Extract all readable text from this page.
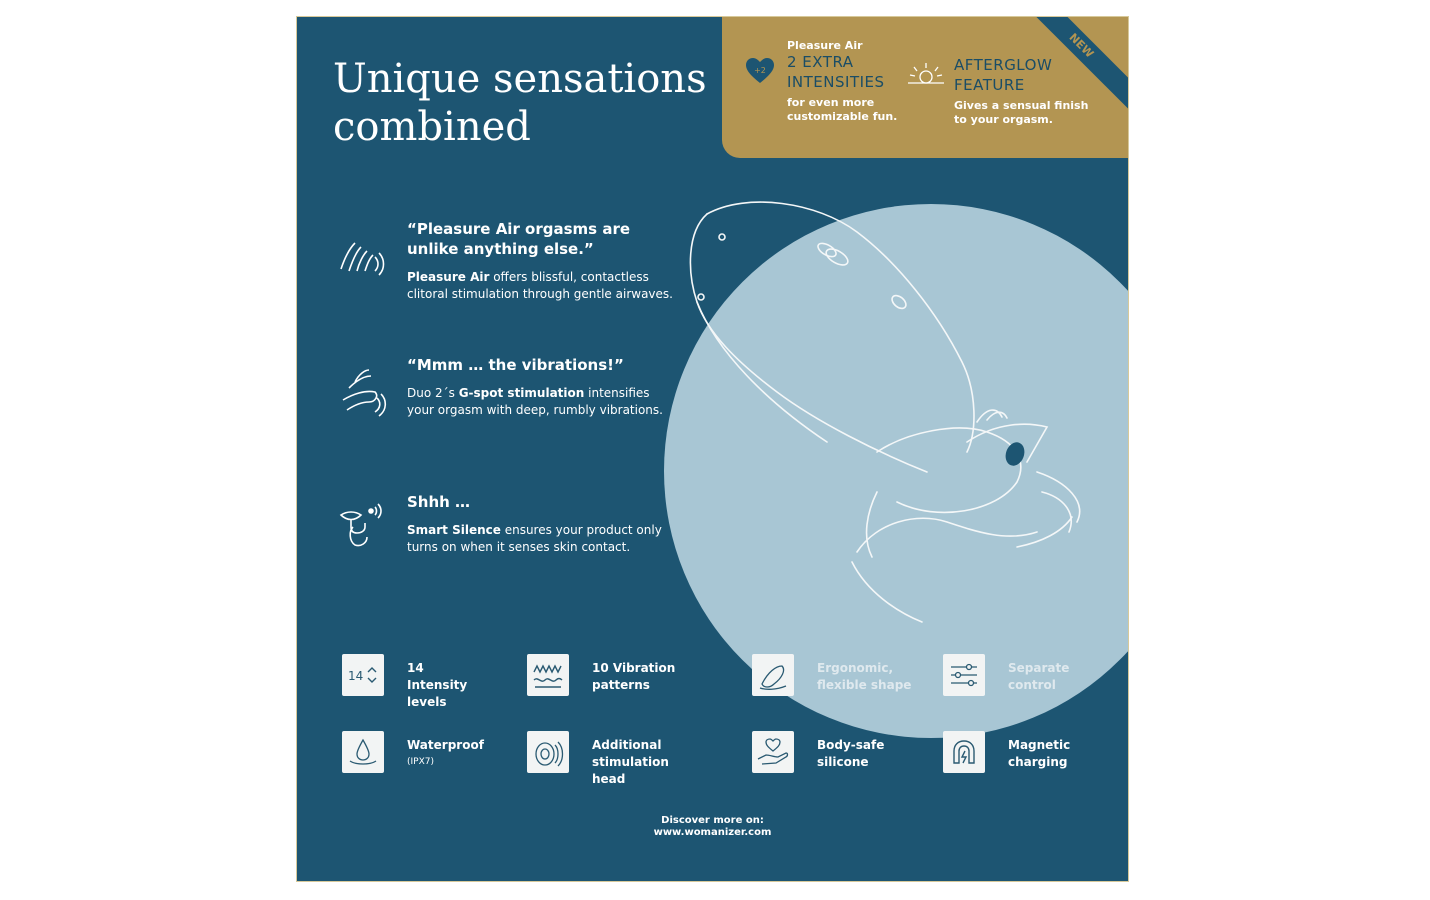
Unique sensations combined
+2
Pleasure Air
2 EXTRA INTENSITIES
for even more customizable fun.
AFTERGLOW FEATURE
Gives a sensual finish to your orgasm.
NEW
“Pleasure Air orgasms are unlike anything else.”

Pleasure Air offers blissful, contactless clitoral stimulation through gentle airwaves.

“Mmm … the vibrations!”

Duo 2´s G-spot stimulation intensifies your orgasm with deep, rumbly vibrations.

Shhh …

Smart Silence ensures your product only turns on when it senses skin contact.

14
14 Intensity levels
10 Vibration patterns
Ergonomic, flexible shape
Separate control
Waterproof
(IPX7)
Additional stimulation head
Body-safe silicone
Magnetic charging
Discover more on:
www.womanizer.com
